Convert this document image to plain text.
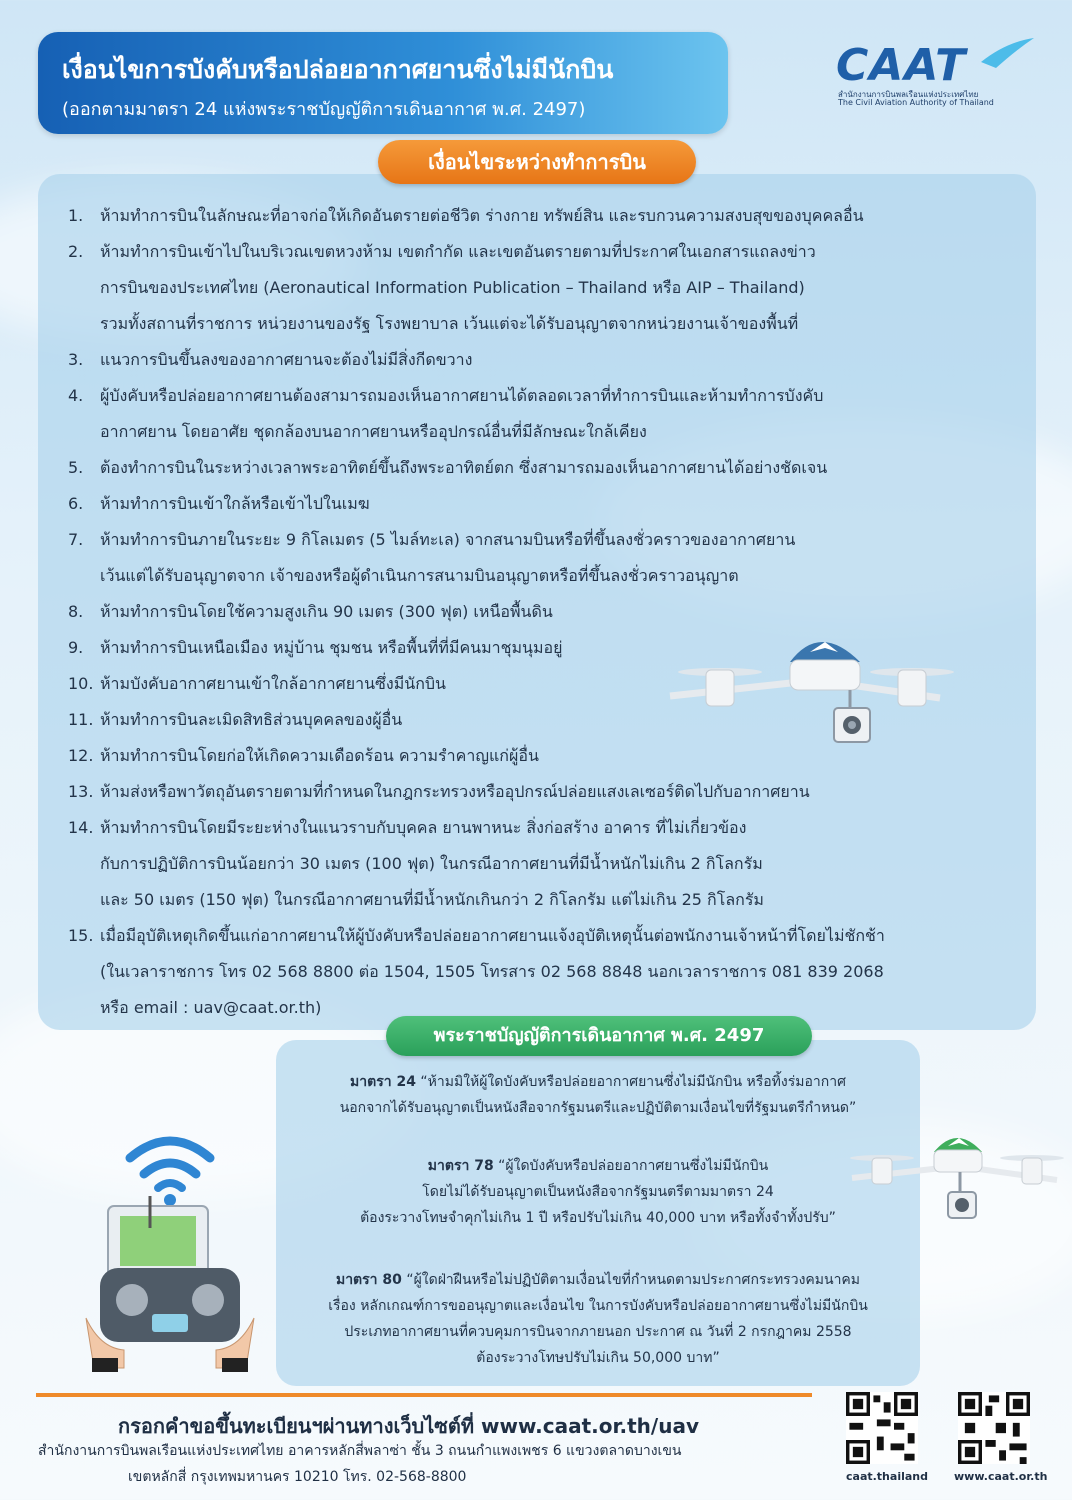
เงื่อนไขการบังคับหรือปล่อยอากาศยานซึ่งไม่มีนักบิน
(ออกตามมาตรา 24 แห่งพระราชบัญญัติการเดินอากาศ พ.ศ. 2497)
CAAT
สำนักงานการบินพลเรือนแห่งประเทศไทย
The Civil Aviation Authority of Thailand
เงื่อนไขระหว่างทำการบิน
1.	ห้ามทำการบินในลักษณะที่อาจก่อให้เกิดอันตรายต่อชีวิต ร่างกาย ทรัพย์สิน และรบกวนความสงบสุขของบุคคลอื่น
2.	ห้ามทำการบินเข้าไปในบริเวณเขตหวงห้าม เขตกำกัด และเขตอันตรายตามที่ประกาศในเอกสารแถลงข่าว
การบินของประเทศไทย (Aeronautical Information Publication – Thailand หรือ AIP – Thailand)
รวมทั้งสถานที่ราชการ หน่วยงานของรัฐ โรงพยาบาล เว้นแต่จะได้รับอนุญาตจากหน่วยงานเจ้าของพื้นที่
3.	แนวการบินขึ้นลงของอากาศยานจะต้องไม่มีสิ่งกีดขวาง
4.	ผู้บังคับหรือปล่อยอากาศยานต้องสามารถมองเห็นอากาศยานได้ตลอดเวลาที่ทำการบินและห้ามทำการบังคับ
อากาศยาน โดยอาศัย ชุดกล้องบนอากาศยานหรืออุปกรณ์อื่นที่มีลักษณะใกล้เคียง
5.	ต้องทำการบินในระหว่างเวลาพระอาทิตย์ขึ้นถึงพระอาทิตย์ตก ซึ่งสามารถมองเห็นอากาศยานได้อย่างชัดเจน
6.	ห้ามทำการบินเข้าใกล้หรือเข้าไปในเมฆ
7.	ห้ามทำการบินภายในระยะ 9 กิโลเมตร (5 ไมล์ทะเล) จากสนามบินหรือที่ขึ้นลงชั่วคราวของอากาศยาน
เว้นแต่ได้รับอนุญาตจาก เจ้าของหรือผู้ดำเนินการสนามบินอนุญาตหรือที่ขึ้นลงชั่วคราวอนุญาต
8.	ห้ามทำการบินโดยใช้ความสูงเกิน 90 เมตร (300 ฟุต) เหนือพื้นดิน
9.	ห้ามทำการบินเหนือเมือง หมู่บ้าน ชุมชน หรือพื้นที่ที่มีคนมาชุมนุมอยู่
10. ห้ามบังคับอากาศยานเข้าใกล้อากาศยานซึ่งมีนักบิน
11. ห้ามทำการบินละเมิดสิทธิส่วนบุคคลของผู้อื่น
12. ห้ามทำการบินโดยก่อให้เกิดความเดือดร้อน ความรำคาญแก่ผู้อื่น
13. ห้ามส่งหรือพาวัตถุอันตรายตามที่กำหนดในกฎกระทรวงหรืออุปกรณ์ปล่อยแสงเลเซอร์ติดไปกับอากาศยาน
14. ห้ามทำการบินโดยมีระยะห่างในแนวราบกับบุคคล ยานพาหนะ สิ่งก่อสร้าง อาคาร ที่ไม่เกี่ยวข้อง
กับการปฏิบัติการบินน้อยกว่า 30 เมตร (100 ฟุต) ในกรณีอากาศยานที่มีน้ำหนักไม่เกิน 2 กิโลกรัม
และ 50 เมตร (150 ฟุต) ในกรณีอากาศยานที่มีน้ำหนักเกินกว่า 2 กิโลกรัม แต่ไม่เกิน 25 กิโลกรัม
15. เมื่อมีอุบัติเหตุเกิดขึ้นแก่อากาศยานให้ผู้บังคับหรือปล่อยอากาศยานแจ้งอุบัติเหตุนั้นต่อพนักงานเจ้าหน้าที่โดยไม่ชักช้า
(ในเวลาราชการ โทร 02 568 8800 ต่อ 1504, 1505 โทรสาร 02 568 8848 นอกเวลาราชการ 081 839 2068
หรือ email : uav@caat.or.th)
พระราชบัญญัติการเดินอากาศ พ.ศ. 2497
มาตรา 24 “ห้ามมิให้ผู้ใดบังคับหรือปล่อยอากาศยานซึ่งไม่มีนักบิน หรือทิ้งร่มอากาศ
นอกจากได้รับอนุญาตเป็นหนังสือจากรัฐมนตรีและปฏิบัติตามเงื่อนไขที่รัฐมนตรีกำหนด”
มาตรา 78 “ผู้ใดบังคับหรือปล่อยอากาศยานซึ่งไม่มีนักบิน
โดยไม่ได้รับอนุญาตเป็นหนังสือจากรัฐมนตรีตามมาตรา 24
ต้องระวางโทษจำคุกไม่เกิน 1 ปี หรือปรับไม่เกิน 40,000 บาท หรือทั้งจำทั้งปรับ”
มาตรา 80 “ผู้ใดฝ่าฝืนหรือไม่ปฏิบัติตามเงื่อนไขที่กำหนดตามประกาศกระทรวงคมนาคม
เรื่อง หลักเกณฑ์การขออนุญาตและเงื่อนไข ในการบังคับหรือปล่อยอากาศยานซึ่งไม่มีนักบิน
ประเภทอากาศยานที่ควบคุมการบินจากภายนอก ประกาศ ณ วันที่ 2 กรกฎาคม 2558
ต้องระวางโทษปรับไม่เกิน 50,000 บาท”
กรอกคำขอขึ้นทะเบียนฯผ่านทางเว็บไซต์ที่ www.caat.or.th/uav
สำนักงานการบินพลเรือนแห่งประเทศไทย อาคารหลักสี่พลาซ่า ชั้น 3 ถนนกำแพงเพชร 6 แขวงตลาดบางเขน
เขตหลักสี่ กรุงเทพมหานคร 10210 โทร. 02-568-8800	caat.thailand www.caat.or.th
